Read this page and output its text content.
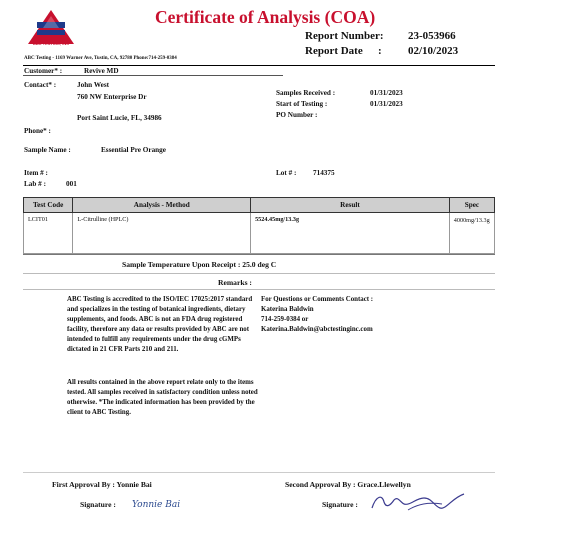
ABC TESTING, INC
Certificate of Analysis (COA)
Report Number: 23-053966
Report Date : 02/10/2023
ABC Testing - 1169 Warner Ave, Tustin, CA, 92780 Phone:714-259-0384
Customer* :	Revive MD
Contact* :	John West
760 NW Enterprise Dr
Port Saint Lucie, FL, 34986
Phone* :
Samples Received :	01/31/2023
Start of Testing :	01/31/2023
PO Number :
Sample Name :	Essential Pre Orange
Item # :	Lot # : 714375
Lab # :	001
Test Code	Analysis - Method	Result	Spec
LCIT01	L-Citrulline (HPLC)	5524.45mg/13.3g	4000mg/13.3g
Sample Temperature Upon Receipt : 25.0 deg C
Remarks :
ABC Testing is accredited to the ISO/IEC 17025:2017 standard and specializes in the testing of botanical ingredients, dietary supplements, and foods. ABC is not an FDA drug registered facility, therefore any data or results provided by ABC are not intended to fulfill any requirements under the drug cGMPs dictated in 21 CFR Parts 210 and 211.
All results contained in the above report relate only to the items tested. All samples received in satisfactory condition unless noted otherwise. *The indicated information has been provided by the client to ABC Testing.
For Questions or Comments Contact :
Katerina Baldwin
714-259-0384 or
Katerina.Baldwin@abctestinginc.com
First Approval By : Yonnie Bai	Second Approval By : Grace.Llewellyn
Signature : Yonnie Bai	Signature :
